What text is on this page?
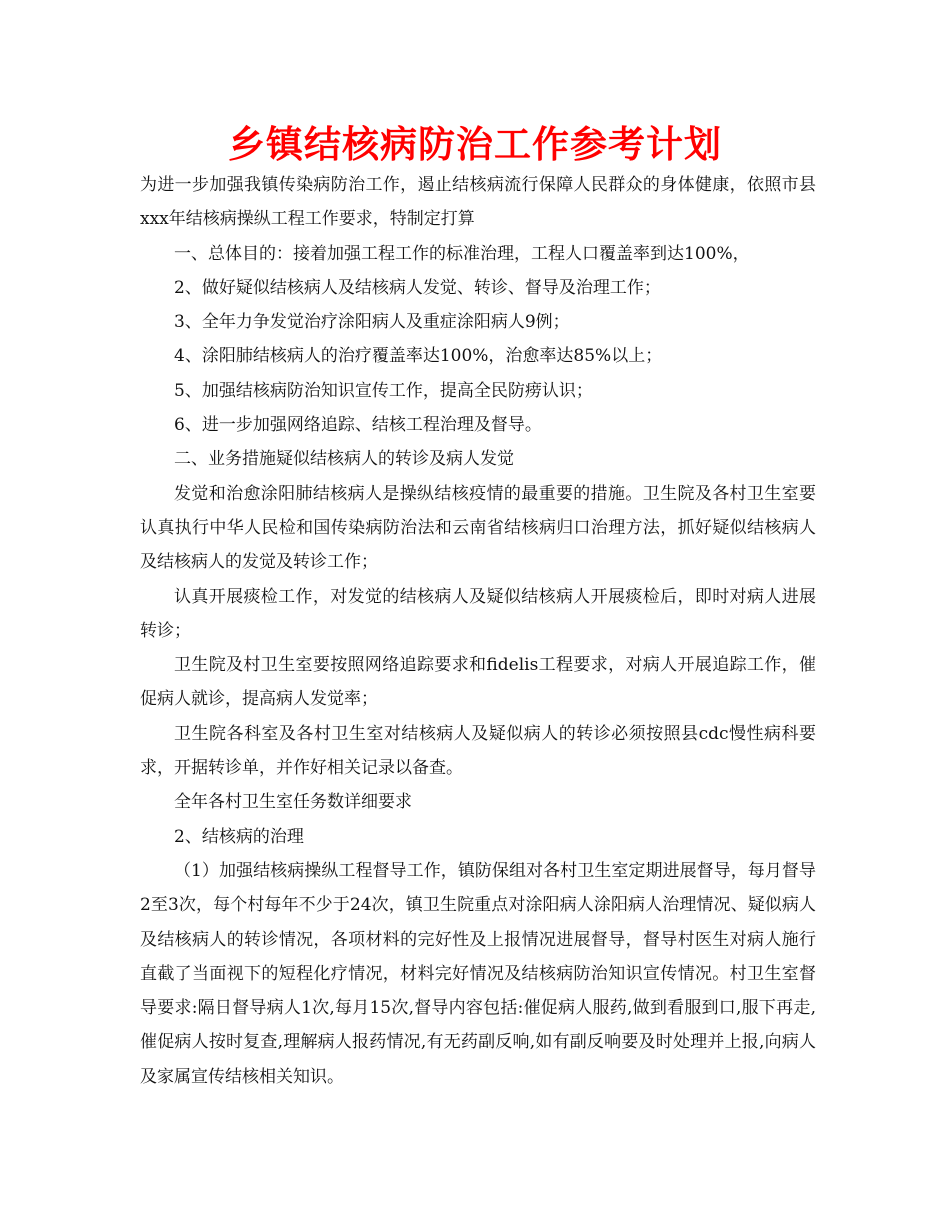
乡镇结核病防治工作参考计划

为进一步加强我镇传染病防治工作，遏止结核病流行保障人民群众的身体健康，依照市县xxx年结核病操纵工程工作要求，特制定打算

一、总体目的：接着加强工程工作的标准治理，工程人口覆盖率到达100%，

2、做好疑似结核病人及结核病人发觉、转诊、督导及治理工作；

3、全年力争发觉治疗涂阳病人及重症涂阳病人9例；

4、涂阳肺结核病人的治疗覆盖率达100%，治愈率达85%以上；

5、加强结核病防治知识宣传工作，提高全民防痨认识；

6、进一步加强网络追踪、结核工程治理及督导。

二、业务措施疑似结核病人的转诊及病人发觉

发觉和治愈涂阳肺结核病人是操纵结核疫情的最重要的措施。卫生院及各村卫生室要认真执行中华人民检和国传染病防治法和云南省结核病归口治理方法，抓好疑似结核病人及结核病人的发觉及转诊工作；

认真开展痰检工作，对发觉的结核病人及疑似结核病人开展痰检后，即时对病人进展转诊；

卫生院及村卫生室要按照网络追踪要求和fidelis工程要求，对病人开展追踪工作，催促病人就诊，提高病人发觉率；

卫生院各科室及各村卫生室对结核病人及疑似病人的转诊必须按照县cdc慢性病科要求，开据转诊单，并作好相关记录以备查。

全年各村卫生室任务数详细要求

2、结核病的治理

（1）加强结核病操纵工程督导工作，镇防保组对各村卫生室定期进展督导，每月督导2至3次，每个村每年不少于24次，镇卫生院重点对涂阳病人涂阳病人治理情况、疑似病人及结核病人的转诊情况，各项材料的完好性及上报情况进展督导，督导村医生对病人施行直截了当面视下的短程化疗情况，材料完好情况及结核病防治知识宣传情况。村卫生室督导要求:隔日督导病人1次,每月15次,督导内容包括:催促病人服药,做到看服到口,服下再走,催促病人按时复查,理解病人报药情况,有无药副反响,如有副反响要及时处理并上报,向病人及家属宣传结核相关知识。
